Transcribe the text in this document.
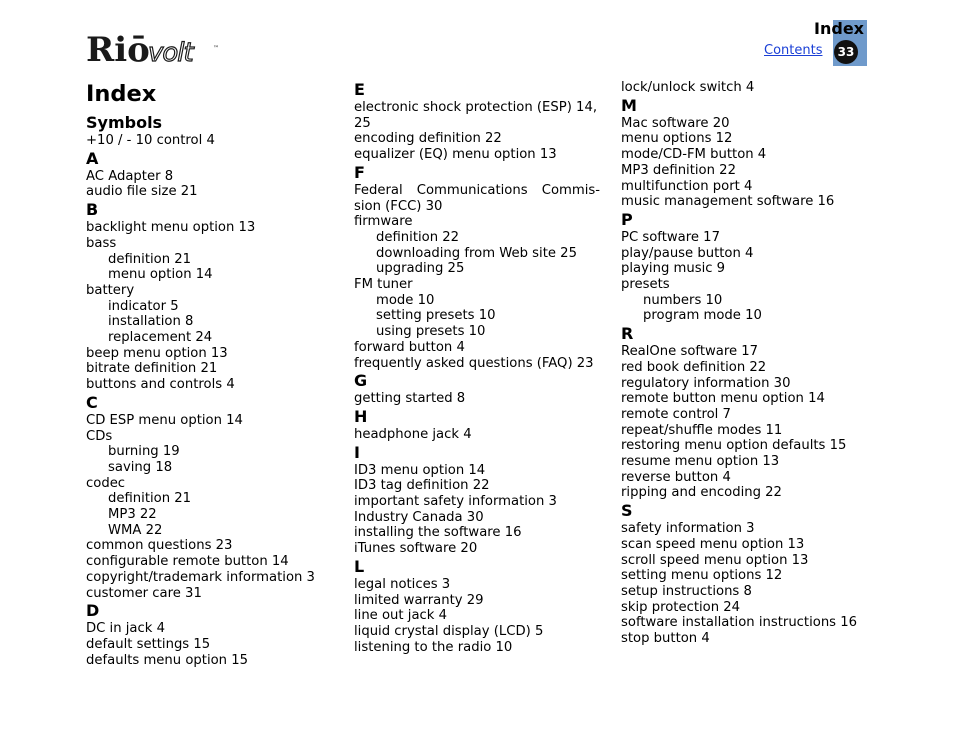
Riō
volt	™	33
Index
Contents
Index
Symbols
+10 / - 10 control 4
A
AC Adapter 8
audio file size 21
B
backlight menu option 13
bass
definition 21
menu option 14
battery
indicator 5
installation 8
replacement 24
beep menu option 13
bitrate definition 21
buttons and controls 4
C
CD ESP menu option 14
CDs
burning 19
saving 18
codec
definition 21
MP3 22
WMA 22
common questions 23
configurable remote button 14
copyright/trademark information 3
customer care 31
D
DC in jack 4
default settings 15
defaults menu option 15
E
electronic shock protection (ESP) 14, 25
encoding definition 22
equalizer (EQ) menu option 13
F
Federal Communications Commis- sion (FCC) 30
firmware
definition 22
downloading from Web site 25
upgrading 25
FM tuner
mode 10
setting presets 10
using presets 10
forward button 4
frequently asked questions (FAQ) 23
G
getting started 8
H
headphone jack 4
I
ID3 menu option 14
ID3 tag definition 22
important safety information 3
Industry Canada 30
installing the software 16
iTunes software 20
L
legal notices 3
limited warranty 29
line out jack 4
liquid crystal display (LCD) 5
listening to the radio 10
lock/unlock switch 4
M
Mac software 20
menu options 12
mode/CD-FM button 4
MP3 definition 22
multifunction port 4
music management software 16
P
PC software 17
play/pause button 4
playing music 9
presets
numbers 10
program mode 10
R
RealOne software 17
red book definition 22
regulatory information 30
remote button menu option 14
remote control 7
repeat/shuffle modes 11
restoring menu option defaults 15
resume menu option 13
reverse button 4
ripping and encoding 22
S
safety information 3
scan speed menu option 13
scroll speed menu option 13
setting menu options 12
setup instructions 8
skip protection 24
software installation instructions 16
stop button 4
